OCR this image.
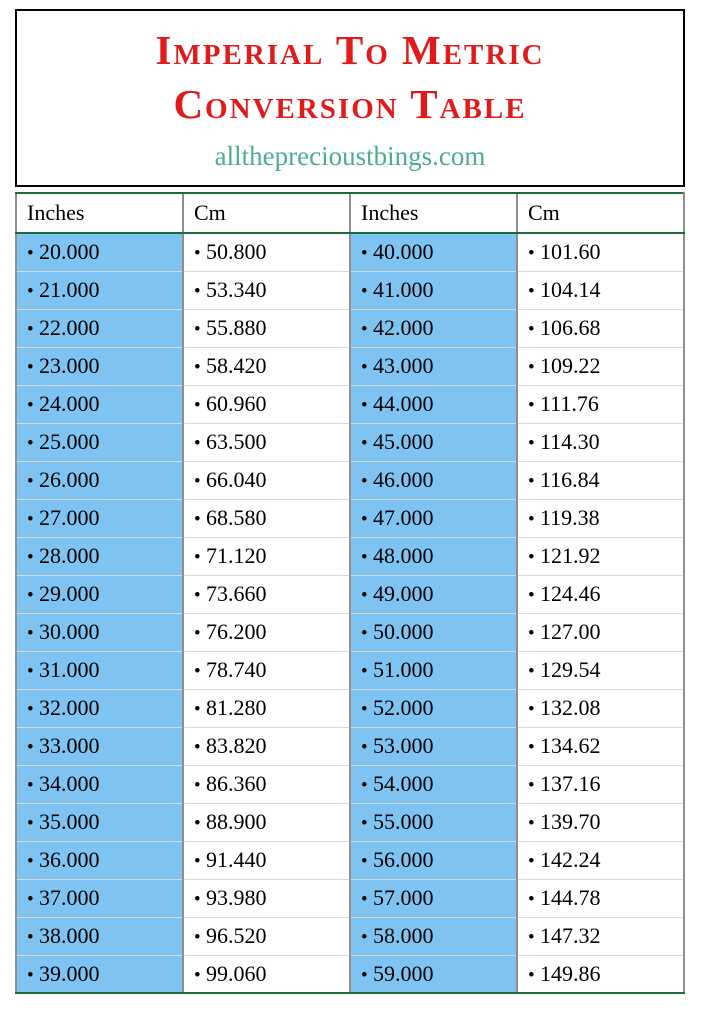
Imperial To Metric
Conversion Table
alltheprecioustbings.com
Inches	Cm	Inches	Cm
• 20.000	• 50.800	• 40.000	• 101.60
• 21.000	• 53.340	• 41.000	• 104.14
• 22.000	• 55.880	• 42.000	• 106.68
• 23.000	• 58.420	• 43.000	• 109.22
• 24.000	• 60.960	• 44.000	• 111.76
• 25.000	• 63.500	• 45.000	• 114.30
• 26.000	• 66.040	• 46.000	• 116.84
• 27.000	• 68.580	• 47.000	• 119.38
• 28.000	• 71.120	• 48.000	• 121.92
• 29.000	• 73.660	• 49.000	• 124.46
• 30.000	• 76.200	• 50.000	• 127.00
• 31.000	• 78.740	• 51.000	• 129.54
• 32.000	• 81.280	• 52.000	• 132.08
• 33.000	• 83.820	• 53.000	• 134.62
• 34.000	• 86.360	• 54.000	• 137.16
• 35.000	• 88.900	• 55.000	• 139.70
• 36.000	• 91.440	• 56.000	• 142.24
• 37.000	• 93.980	• 57.000	• 144.78
• 38.000	• 96.520	• 58.000	• 147.32
• 39.000	• 99.060	• 59.000	• 149.86
